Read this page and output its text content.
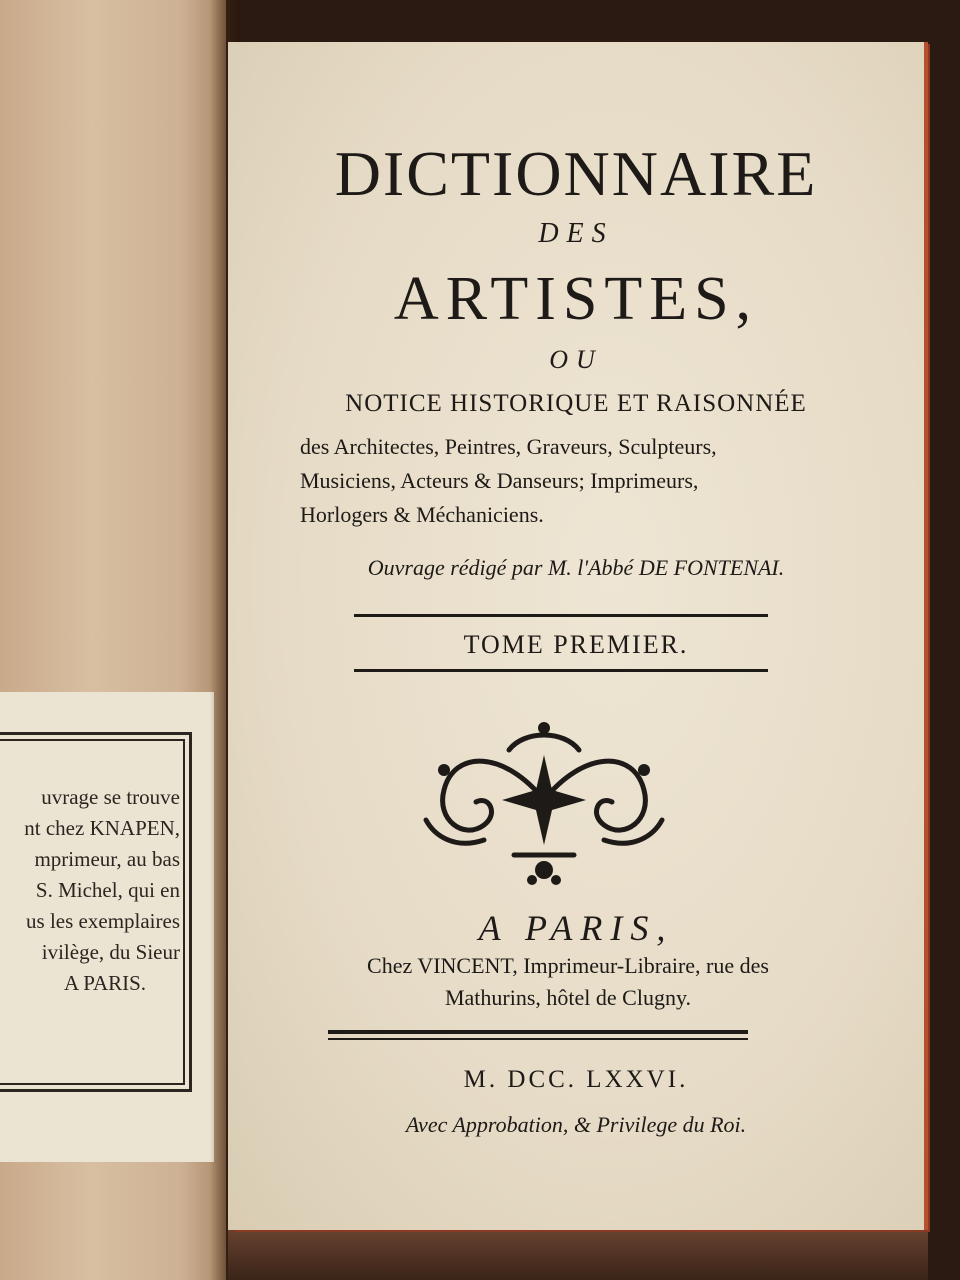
uvrage se trouve
nt chez KNAPEN,
mprimeur, au bas
S. Michel, qui en
us les exemplaires
ivilège, du Sieur
A PARIS.
DICTIONNAIRE
DES
ARTISTES,
OU
NOTICE HISTORIQUE ET RAISONNÉE
des Architectes, Peintres, Graveurs, Sculpteurs,
Musiciens, Acteurs & Danseurs; Imprimeurs,
Horlogers & Méchaniciens.
Ouvrage rédigé par M. l'Abbé DE FONTENAI.
TOME PREMIER.
A PARIS,
Chez VINCENT, Imprimeur-Libraire, rue des
Mathurins, hôtel de Clugny.
M. DCC. LXXVI.
Avec Approbation, & Privilege du Roi.
